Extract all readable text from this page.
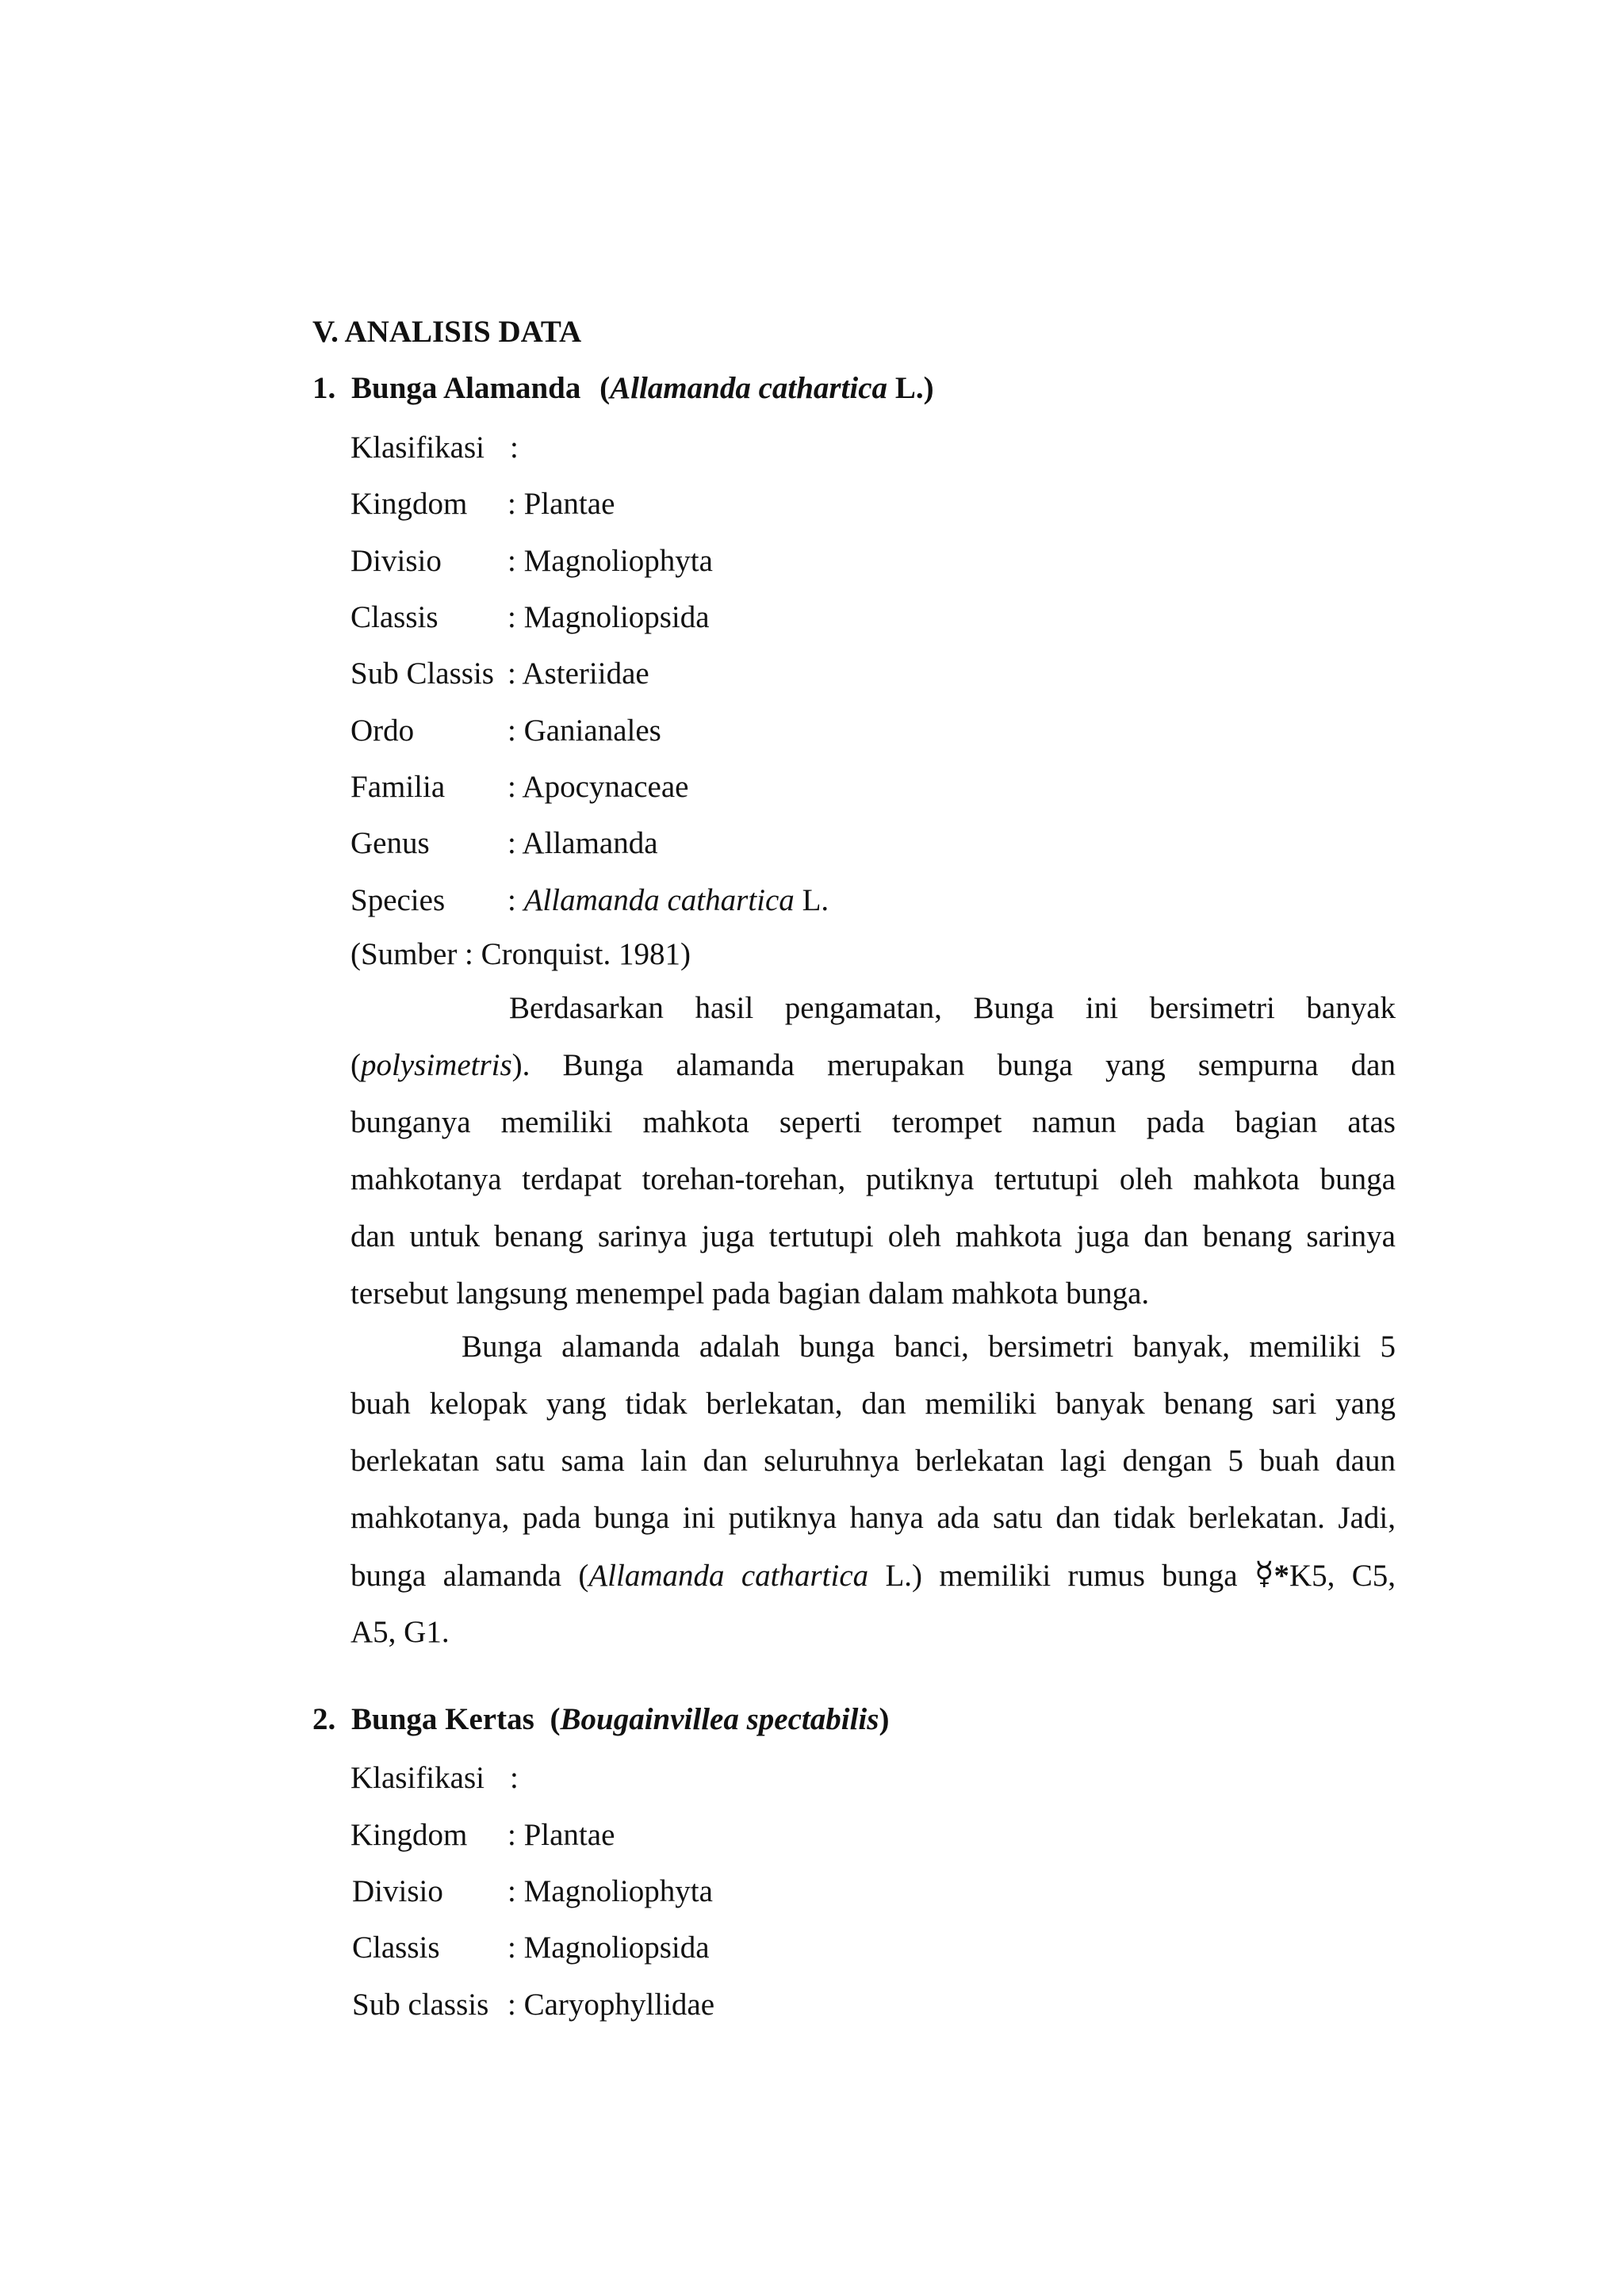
V. ANALISIS DATA
1. Bunga Alamanda (Allamanda cathartica L.)
Klasifikasi :
Kingdom : Plantae
Divisio : Magnoliophyta
Classis : Magnoliopsida
Sub Classis : Asteriidae
Ordo	: Ganianales
Familia : Apocynaceae
Genus	: Allamanda
Species : Allamanda cathartica L.
(Sumber : Cronquist. 1981)
Berdasarkan hasil pengamatan, Bunga ini bersimetri banyak
(polysimetris). Bunga alamanda merupakan bunga yang sempurna dan
bunganya memiliki mahkota seperti terompet namun pada bagian atas
mahkotanya terdapat torehan-torehan, putiknya tertutupi oleh mahkota bunga
dan untuk benang sarinya juga tertutupi oleh mahkota juga dan benang sarinya
tersebut langsung menempel pada bagian dalam mahkota bunga.
Bunga alamanda adalah bunga banci, bersimetri banyak, memiliki 5
buah kelopak yang tidak berlekatan, dan memiliki banyak benang sari yang
berlekatan satu sama lain dan seluruhnya berlekatan lagi dengan 5 buah daun
mahkotanya, pada bunga ini putiknya hanya ada satu dan tidak berlekatan. Jadi,
bunga alamanda (Allamanda cathartica L.) memiliki rumus bunga ☿*K5, C5,
A5, G1.
2. Bunga Kertas (Bougainvillea spectabilis)
Klasifikasi :
Kingdom : Plantae
Divisio : Magnoliophyta
Classis : Magnoliopsida
Sub classis : Caryophyllidae
